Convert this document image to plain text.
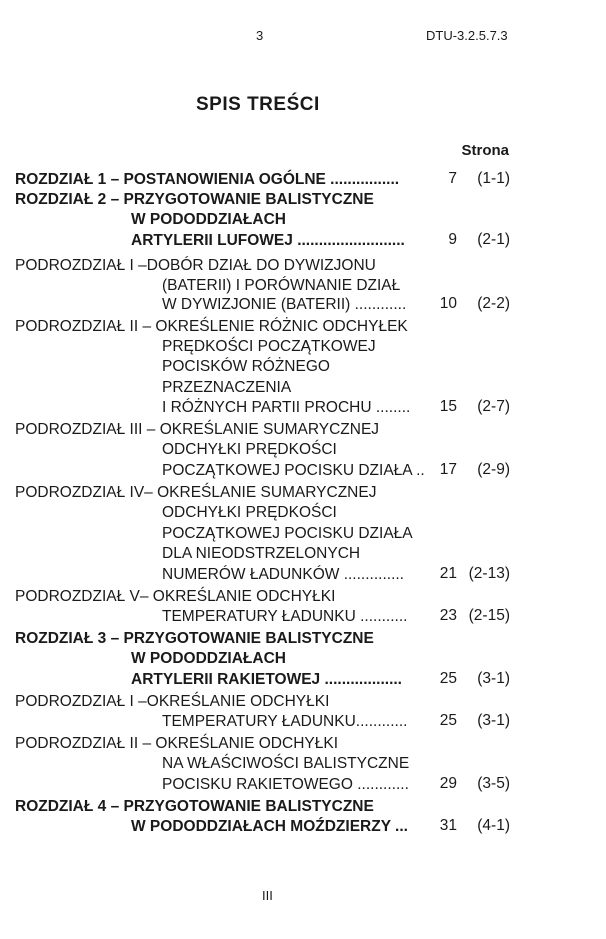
3	DTU-3.2.5.7.3
SPIS TREŚCI
Strona
ROZDZIAŁ 1 – POSTANOWIENIA OGÓLNE ................	7	(1-1)
ROZDZIAŁ 2 – PRZYGOTOWANIE BALISTYCZNE
W PODODDZIAŁACH
ARTYLERII LUFOWEJ .........................	9	(2-1)
PODROZDZIAŁ I –DOBÓR DZIAŁ DO DYWIZJONU
(BATERII) I PORÓWNANIE DZIAŁ
W DYWIZJONIE (BATERII) ............	10	(2-2)
PODROZDZIAŁ II – OKREŚLENIE RÓŻNIC ODCHYŁEK
PRĘDKOŚCI POCZĄTKOWEJ
POCISKÓW RÓŻNEGO
PRZEZNACZENIA
I RÓŻNYCH PARTII PROCHU ........	15	(2-7)
PODROZDZIAŁ III – OKREŚLANIE SUMARYCZNEJ
ODCHYŁKI PRĘDKOŚCI
POCZĄTKOWEJ POCISKU DZIAŁA .. 17	(2-9)
PODROZDZIAŁ IV– OKREŚLANIE SUMARYCZNEJ
ODCHYŁKI PRĘDKOŚCI
POCZĄTKOWEJ POCISKU DZIAŁA
DLA NIEODSTRZELONYCH
NUMERÓW ŁADUNKÓW ..............	21 (2-13)
PODROZDZIAŁ V– OKREŚLANIE ODCHYŁKI
TEMPERATURY ŁADUNKU ...........	23 (2-15)
ROZDZIAŁ 3 – PRZYGOTOWANIE BALISTYCZNE
W PODODDZIAŁACH
ARTYLERII RAKIETOWEJ ..................	25	(3-1)
PODROZDZIAŁ I –OKREŚLANIE ODCHYŁKI
TEMPERATURY ŁADUNKU............	25	(3-1)
PODROZDZIAŁ II – OKREŚLANIE ODCHYŁKI
NA WŁAŚCIWOŚCI BALISTYCZNE
POCISKU RAKIETOWEGO ............	29	(3-5)
ROZDZIAŁ 4 – PRZYGOTOWANIE BALISTYCZNE
W PODODDZIAŁACH MOŹDZIERZY ...	31	(4-1)
III
